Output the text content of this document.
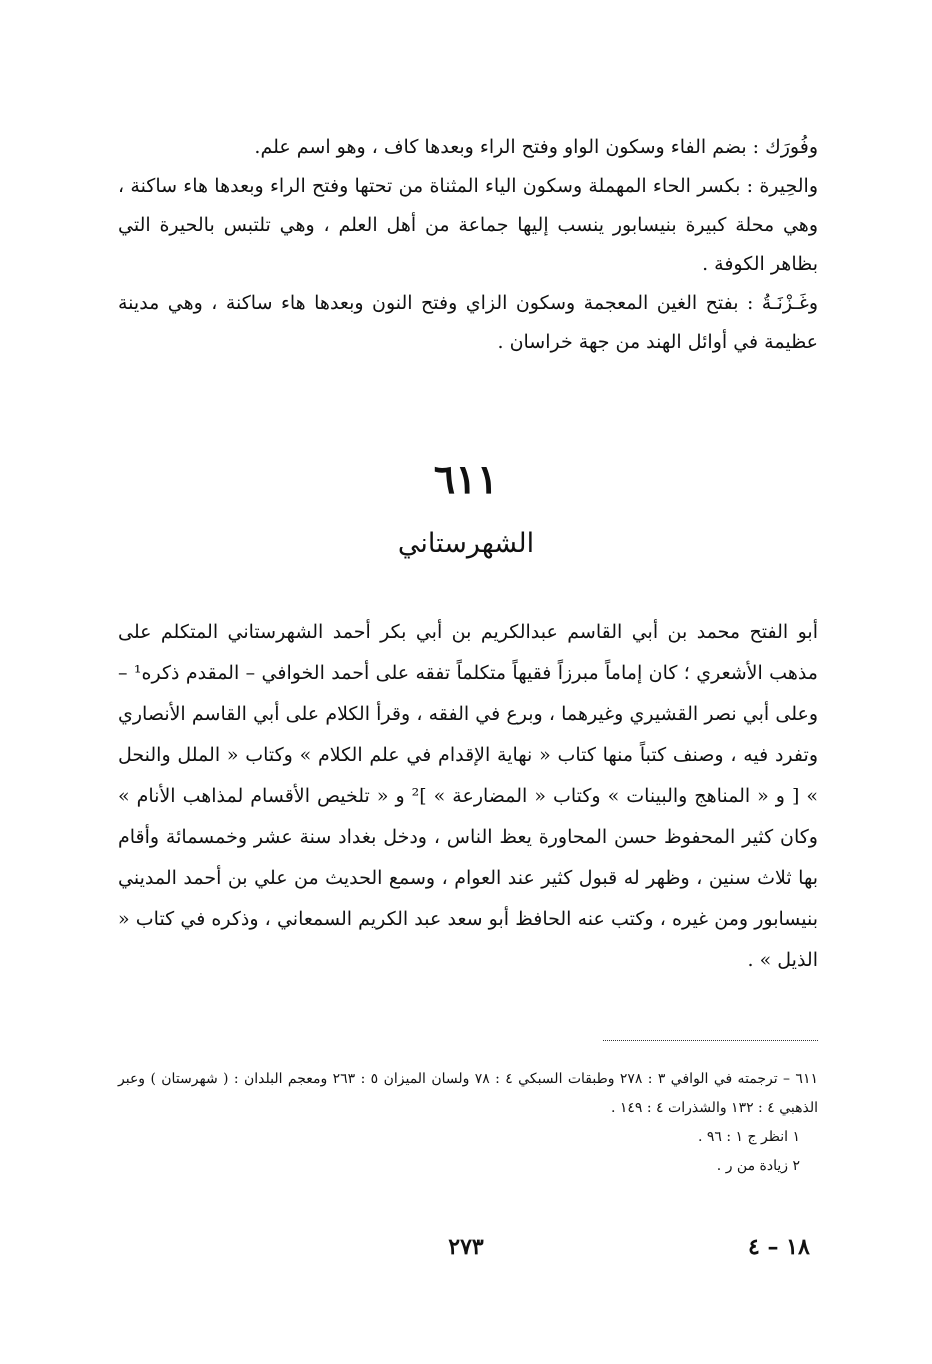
وفُورَك : بضم الفاء وسكون الواو وفتح الراء وبعدها كاف ، وهو اسم علم.

والحِيرة : بكسر الحاء المهملة وسكون الياء المثناة من تحتها وفتح الراء وبعدها هاء ساكنة ، وهي محلة كبيرة بنيسابور ينسب إليها جماعة من أهل العلم ، وهي تلتبس بالحيرة التي بظاهر الكوفة .

وغَـزْنَـةُ : بفتح الغين المعجمة وسكون الزاي وفتح النون وبعدها هاء ساكنة ، وهي مدينة عظيمة في أوائل الهند من جهة خراسان .

٦١١
الشهرستاني

أبو الفتح محمد بن أبي القاسم عبدالكريم بن أبي بكر أحمد الشهرستاني المتكلم على مذهب الأشعري ؛ كان إماماً مبرزاً فقيهاً متكلماً تفقه على أحمد الخوافي – المقدم ذكره¹ – وعلى أبي نصر القشيري وغيرهما ، وبرع في الفقه ، وقرأ الكلام على أبي القاسم الأنصاري وتفرد فيه ، وصنف كتباً منها كتاب « نهاية الإقدام في علم الكلام » وكتاب « الملل والنحل » [ و « المناهج والبينات » وكتاب « المضارعة » ]² و « تلخيص الأقسام لمذاهب الأنام » وكان كثير المحفوظ حسن المحاورة يعظ الناس ، ودخل بغداد سنة عشر وخمسمائة وأقام بها ثلاث سنين ، وظهر له قبول كثير عند العوام ، وسمع الحديث من علي بن أحمد المديني بنيسابور ومن غيره ، وكتب عنه الحافظ أبو سعد عبد الكريم السمعاني ، وذكره في كتاب « الذيل » .

٦١١ – ترجمته في الوافي ٣ : ٢٧٨ وطبقات السبكي ٤ : ٧٨ ولسان الميزان ٥ : ٢٦٣ ومعجم البلدان : ( شهرستان ) وعبر الذهبي ٤ : ١٣٢ والشذرات ٤ : ١٤٩ .

١ انظر ج ١ : ٩٦ .

٢ زيادة من ر .

٢٧٣	١٨ – ٤
